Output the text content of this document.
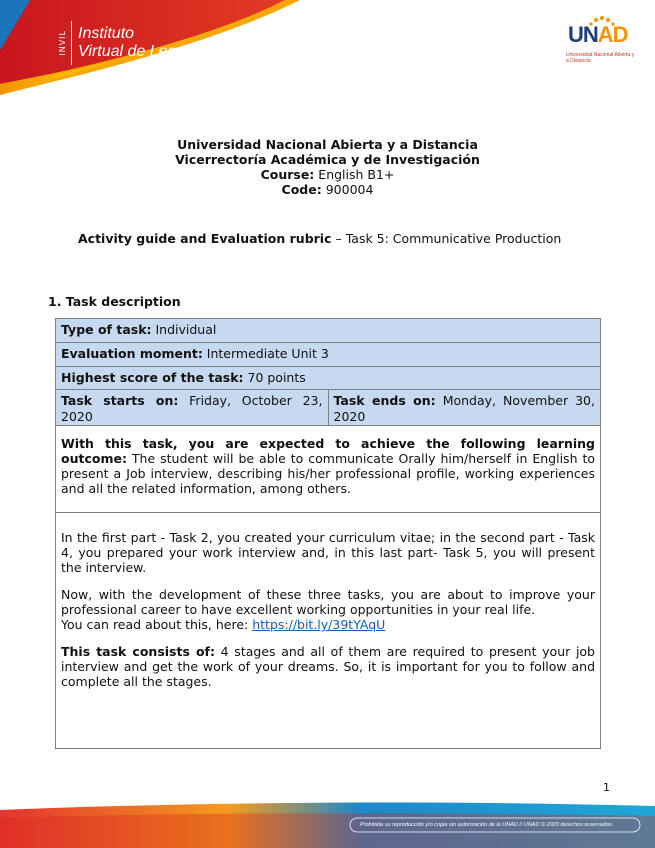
INVIL Instituto
Virtual de Lenguas
UNAD
Universidad Nacional Abierta y a Distancia
Universidad Nacional Abierta y a Distancia
Vicerrectoría Académica y de Investigación
Course: English B1+
Code: 900004
Activity guide and Evaluation rubric – Task 5: Communicative Production
1. Task description
Type of task: Individual
Evaluation moment: Intermediate Unit 3
Highest score of the task: 70 points
Task starts on: Friday, October 23, 2020
Task ends on: Monday, November 30, 2020
With this task, you are expected to achieve the following learning outcome: The student will be able to communicate Orally him/herself in English to present a Job interview, describing his/her professional profile, working experiences and all the related information, among others.

In the first part - Task 2, you created your curriculum vitae; in the second part - Task 4, you prepared your work interview and, in this last part- Task 5, you will present the interview.

Now, with the development of these three tasks, you are about to improve your professional career to have excellent working opportunities in your real life.
You can read about this, here: https://bit.ly/39tYAqU

This task consists of: 4 stages and all of them are required to present your job interview and get the work of your dreams. So, it is important for you to follow and complete all the stages.

1
Prohibida su reproducción y/o copia sin autorización de la UNAD // UNAD © 2020 derechos reservados.
